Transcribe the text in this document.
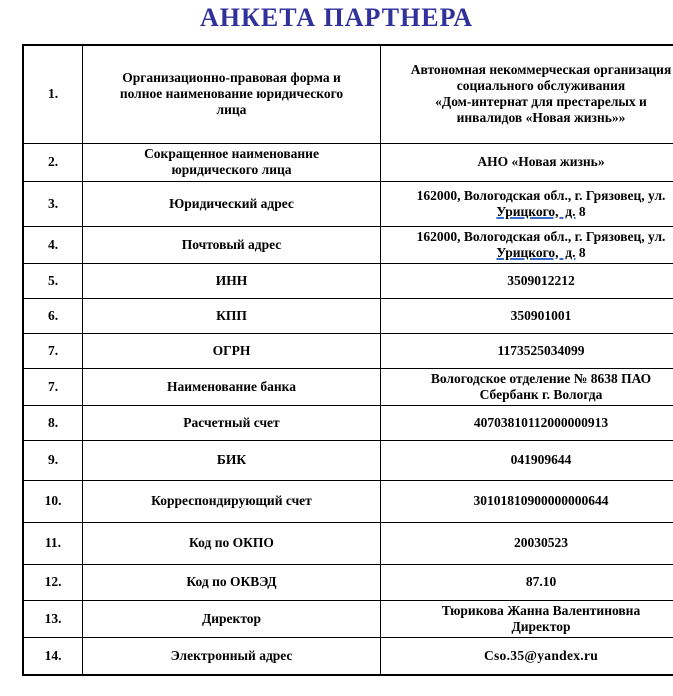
АНКЕТА ПАРТНЕРА
1.	Организационно-правовая форма и
полное наименование юридического
лица	Автономная некоммерческая организация
социального обслуживания
«Дом-интернат для престарелых и
инвалидов «Новая жизнь»»
2.	Сокращенное наименование
юридического лица	АНО «Новая жизнь»
3.	Юридический адрес	162000, Вологодская обл., г. Грязовец, ул.
Урицкого,  д. 8
4.	Почтовый адрес	162000, Вологодская обл., г. Грязовец, ул.
Урицкого,  д. 8
5.	ИНН	3509012212
6.	КПП	350901001
7.	ОГРН	1173525034099
7.	Наименование банка	Вологодское отделение № 8638 ПАО
Сбербанк г. Вологда
8.	Расчетный счет	40703810112000000913
9.	БИК	041909644
10.	Корреспондирующий счет	30101810900000000644
11.	Код по ОКПО	20030523
12.	Код по ОКВЭД	87.10
13.	Директор	Тюрикова Жанна Валентиновна
Директор
14.	Электронный адрес	Cso.35@yandex.ru
